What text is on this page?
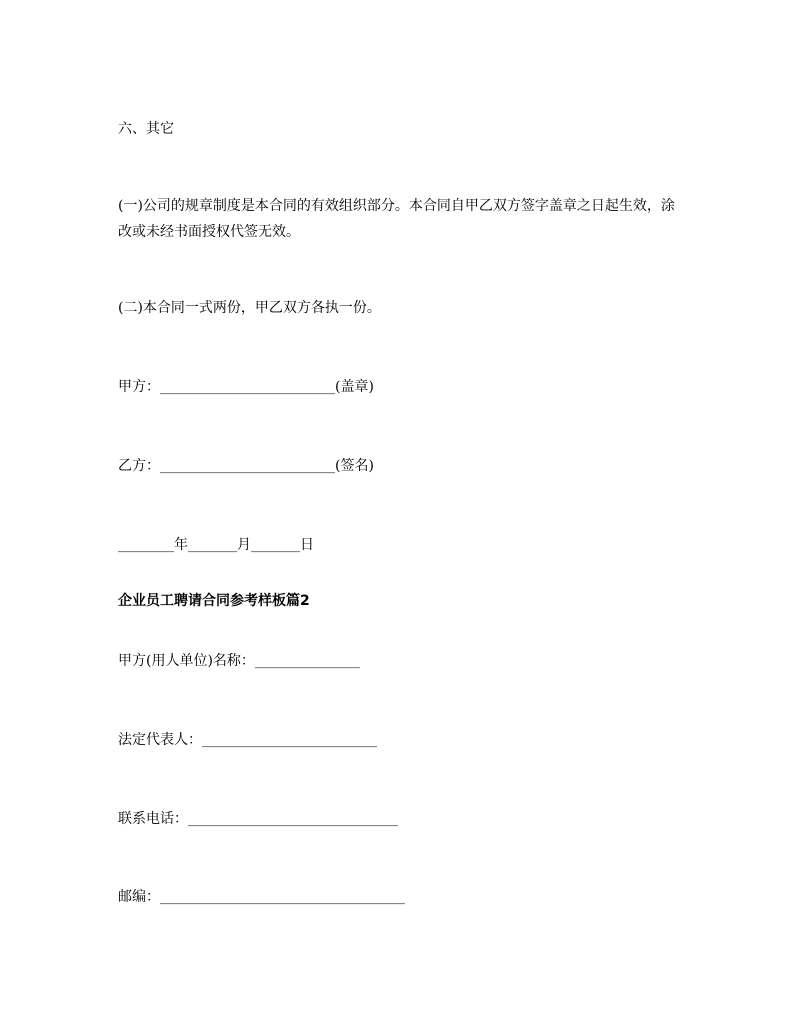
六、其它
(一)公司的规章制度是本合同的有效组织部分。本合同自甲乙双方签字盖章之日起生效，涂改或未经书面授权代签无效。
(二)本合同一式两份，甲乙双方各执一份。
甲方：_________________________(盖章)
乙方：_________________________(签名)
________年_______月_______日
企业员工聘请合同参考样板篇2
甲方(用人单位)名称：_______________
法定代表人：_________________________
联系电话：______________________________
邮编：___________________________________
